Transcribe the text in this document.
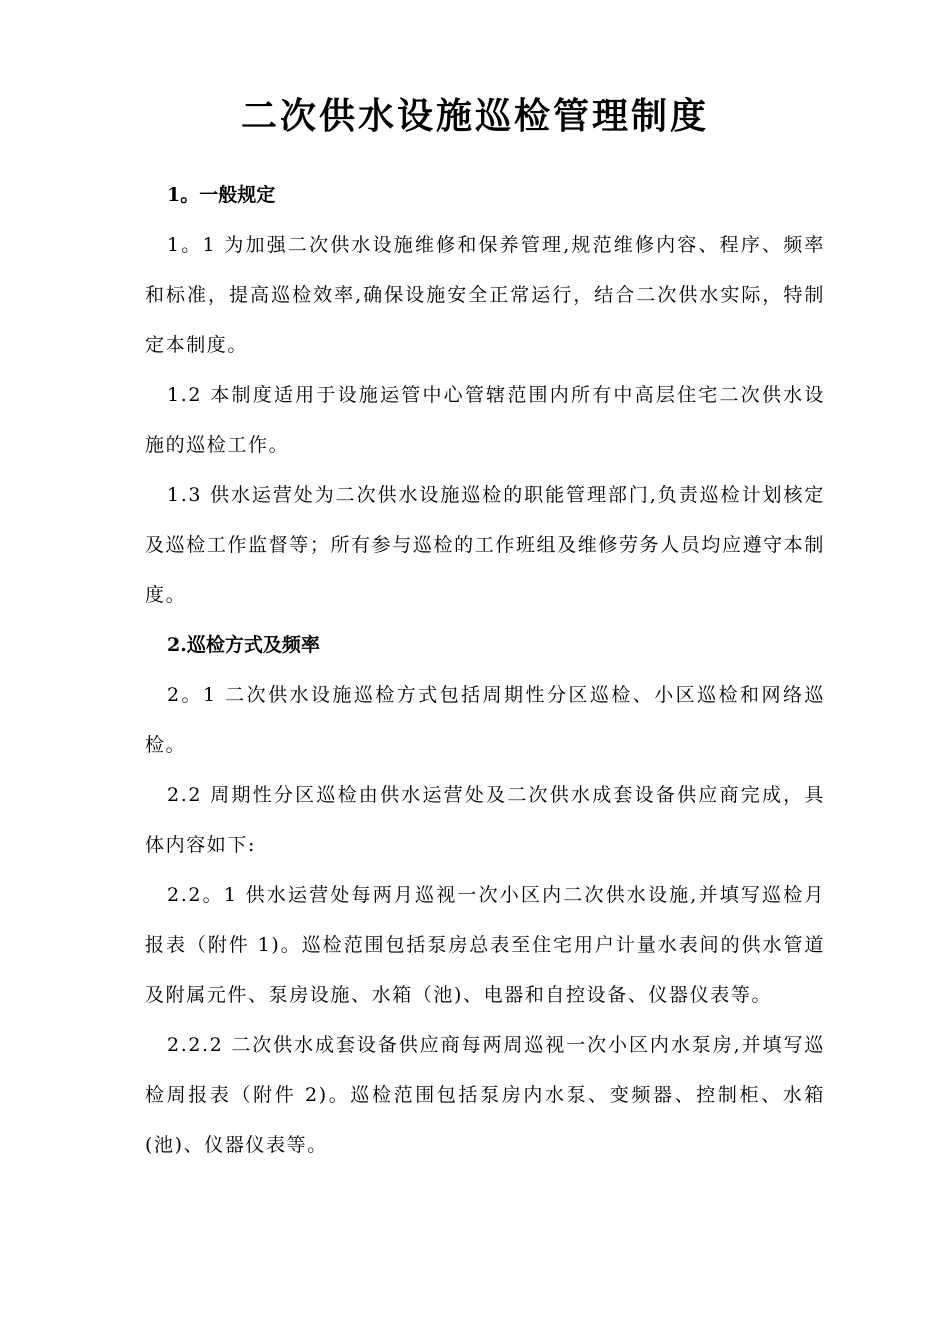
二次供水设施巡检管理制度

1。一般规定

1。1 为加强二次供水设施维修和保养管理,规范维修内容、程序、频率和标准，提高巡检效率,确保设施安全正常运行，结合二次供水实际，特制定本制度。

1.2 本制度适用于设施运管中心管辖范围内所有中高层住宅二次供水设施的巡检工作。

1.3 供水运营处为二次供水设施巡检的职能管理部门,负责巡检计划核定及巡检工作监督等；所有参与巡检的工作班组及维修劳务人员均应遵守本制度。

2.巡检方式及频率

2。1 二次供水设施巡检方式包括周期性分区巡检、小区巡检和网络巡检。

2.2 周期性分区巡检由供水运营处及二次供水成套设备供应商完成，具体内容如下:

2.2。1 供水运营处每两月巡视一次小区内二次供水设施,并填写巡检月报表（附件 1)。巡检范围包括泵房总表至住宅用户计量水表间的供水管道及附属元件、泵房设施、水箱（池)、电器和自控设备、仪器仪表等。

2.2.2 二次供水成套设备供应商每两周巡视一次小区内水泵房,并填写巡检周报表（附件 2)。巡检范围包括泵房内水泵、变频器、控制柜、水箱(池)、仪器仪表等。
